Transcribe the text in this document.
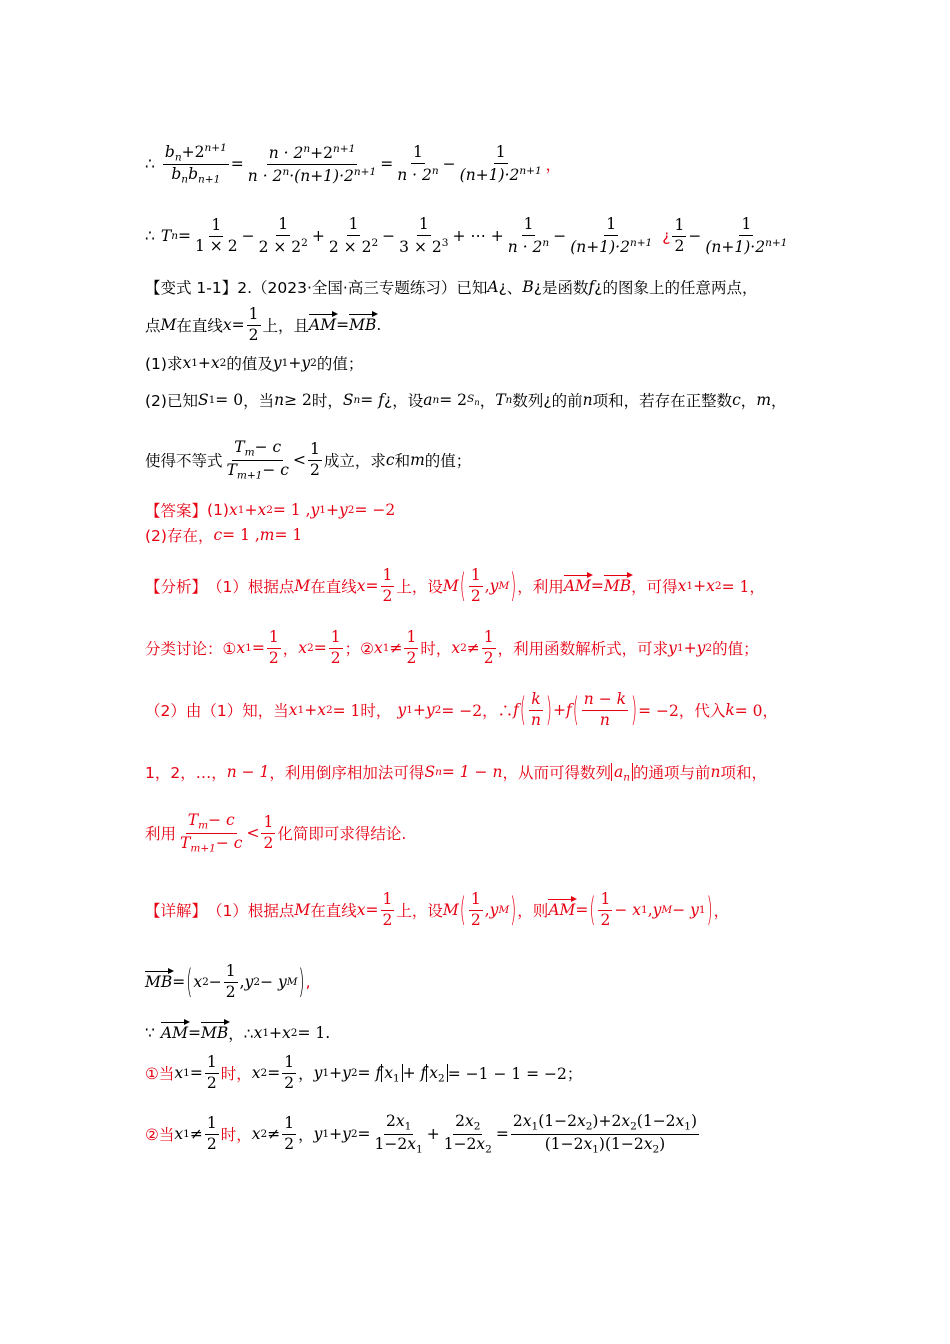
∴ $\frac{b_n+2^{n+1}}{b_nb_{n+1}} = \frac{n \cdot 2^n+2^{n+1}}{n \cdot 2^n\cdot(n+1)\cdot 2^{n+1}} = \frac{1}{n \cdot 2^n} - \frac{1}{(n+1)\cdot 2^{n+1}}$ ，
∴ T $n = \frac{1}{1 \times 2} - \frac{1}{2 \times 2^2} + \frac{1}{2 \times 2^2} - \frac{1}{3 \times 2^3}$ + ⋯ + $\frac{1}{n \cdot 2^n} - \frac{1}{(n+1)\cdot 2^{n+1}}$ ¿ $\frac{1}{2} - \frac{1}{(n+1)\cdot 2^{n+1}}$
【变式 1-1】2. （2023·全国·高三专题练习）已知 A ¿ 、 B ¿ 是函数 f ¿ 的图象上的任意两点，
点 M 在直线 $x = \frac{1}{2}$ 上，且 AM = MB .
(1)求 x 1 + x 2 的值及 y 1 + y 2 的值；
(2)已知 S 1 = 0 ，当 n ≥ 2 时， S n = f ¿ ，设 a n = 2 $S_n$ ， T n 数列 ¿ 的前 n 项和，若存在正整数 c ， m ，
使得不等式 $\frac{T_m- c}{T_{m+1}- c} < \frac{1}{2}$ 成立，求 c 和 m 的值；
【答案】 (1) x 1 + x 2 = 1 , y 1 + y 2 = −2
(2)存在， c = 1 , m = 1
【分析】 （1）根据点 M 在直线 $x = \frac{1}{2}$ 上，设 M ( $\frac{1}{2}$ , y M ) ，利用 AM = MB ，可得 x 1 + x 2 = 1，
分类讨论：① x $1 = \frac{1}{2}$ ， x $2 = \frac{1}{2}$ ；② x $1 \ne \frac{1}{2}$ 时， x $2 \ne \frac{1}{2}$ ，利用函数解析式，可求 y 1 + y 2 的值；
（2）由（1）知，当 x 1 + x 2 = 1时， y 1 + y 2 = −2，∴ f ( $\frac{k}{n}$ ) + f ( $\frac{n - k}{n}$ ) = −2，代入 k = 0，
1，2，…， n − 1 ，利用倒序相加法可得 S n = 1 − n ，从而可得数列 $a_n$ 的通项与前 n 项和，
利用 $\frac{T_m- c}{T_{m+1}- c} < \frac{1}{2}$ 化简即可求得结论.
【详解】 （1）根据点 M 在直线 $x = \frac{1}{2}$ 上，设 M ( $\frac{1}{2}$ , y M ) ，则 AM = ( $\frac{1}{2} - x$ 1 , y M − y 1 ) ，
MB = ( x $2 - \frac{1}{2}$ , y 2 − y M ) ,
∵ AM = MB ，∴ x 1 + x 2 = 1.
①当 x $1 = \frac{1}{2}$ 时， x $2 = \frac{1}{2}$ ， y 1 + y 2 = f $x_1 + f$ $x_2 = -1 - 1 = -2$；
②当 x $1 \ne \frac{1}{2}$ 时， x $2 \ne \frac{1}{2}$ ， y 1 + y $2 = \frac{2x_1}{1-2x_1} + \frac{2x_2}{1-2x_2} = \frac{2x_1(1-2x_2)+2x_2(1-2x_1)}{(1-2x_1)(1-2x_2)}$
